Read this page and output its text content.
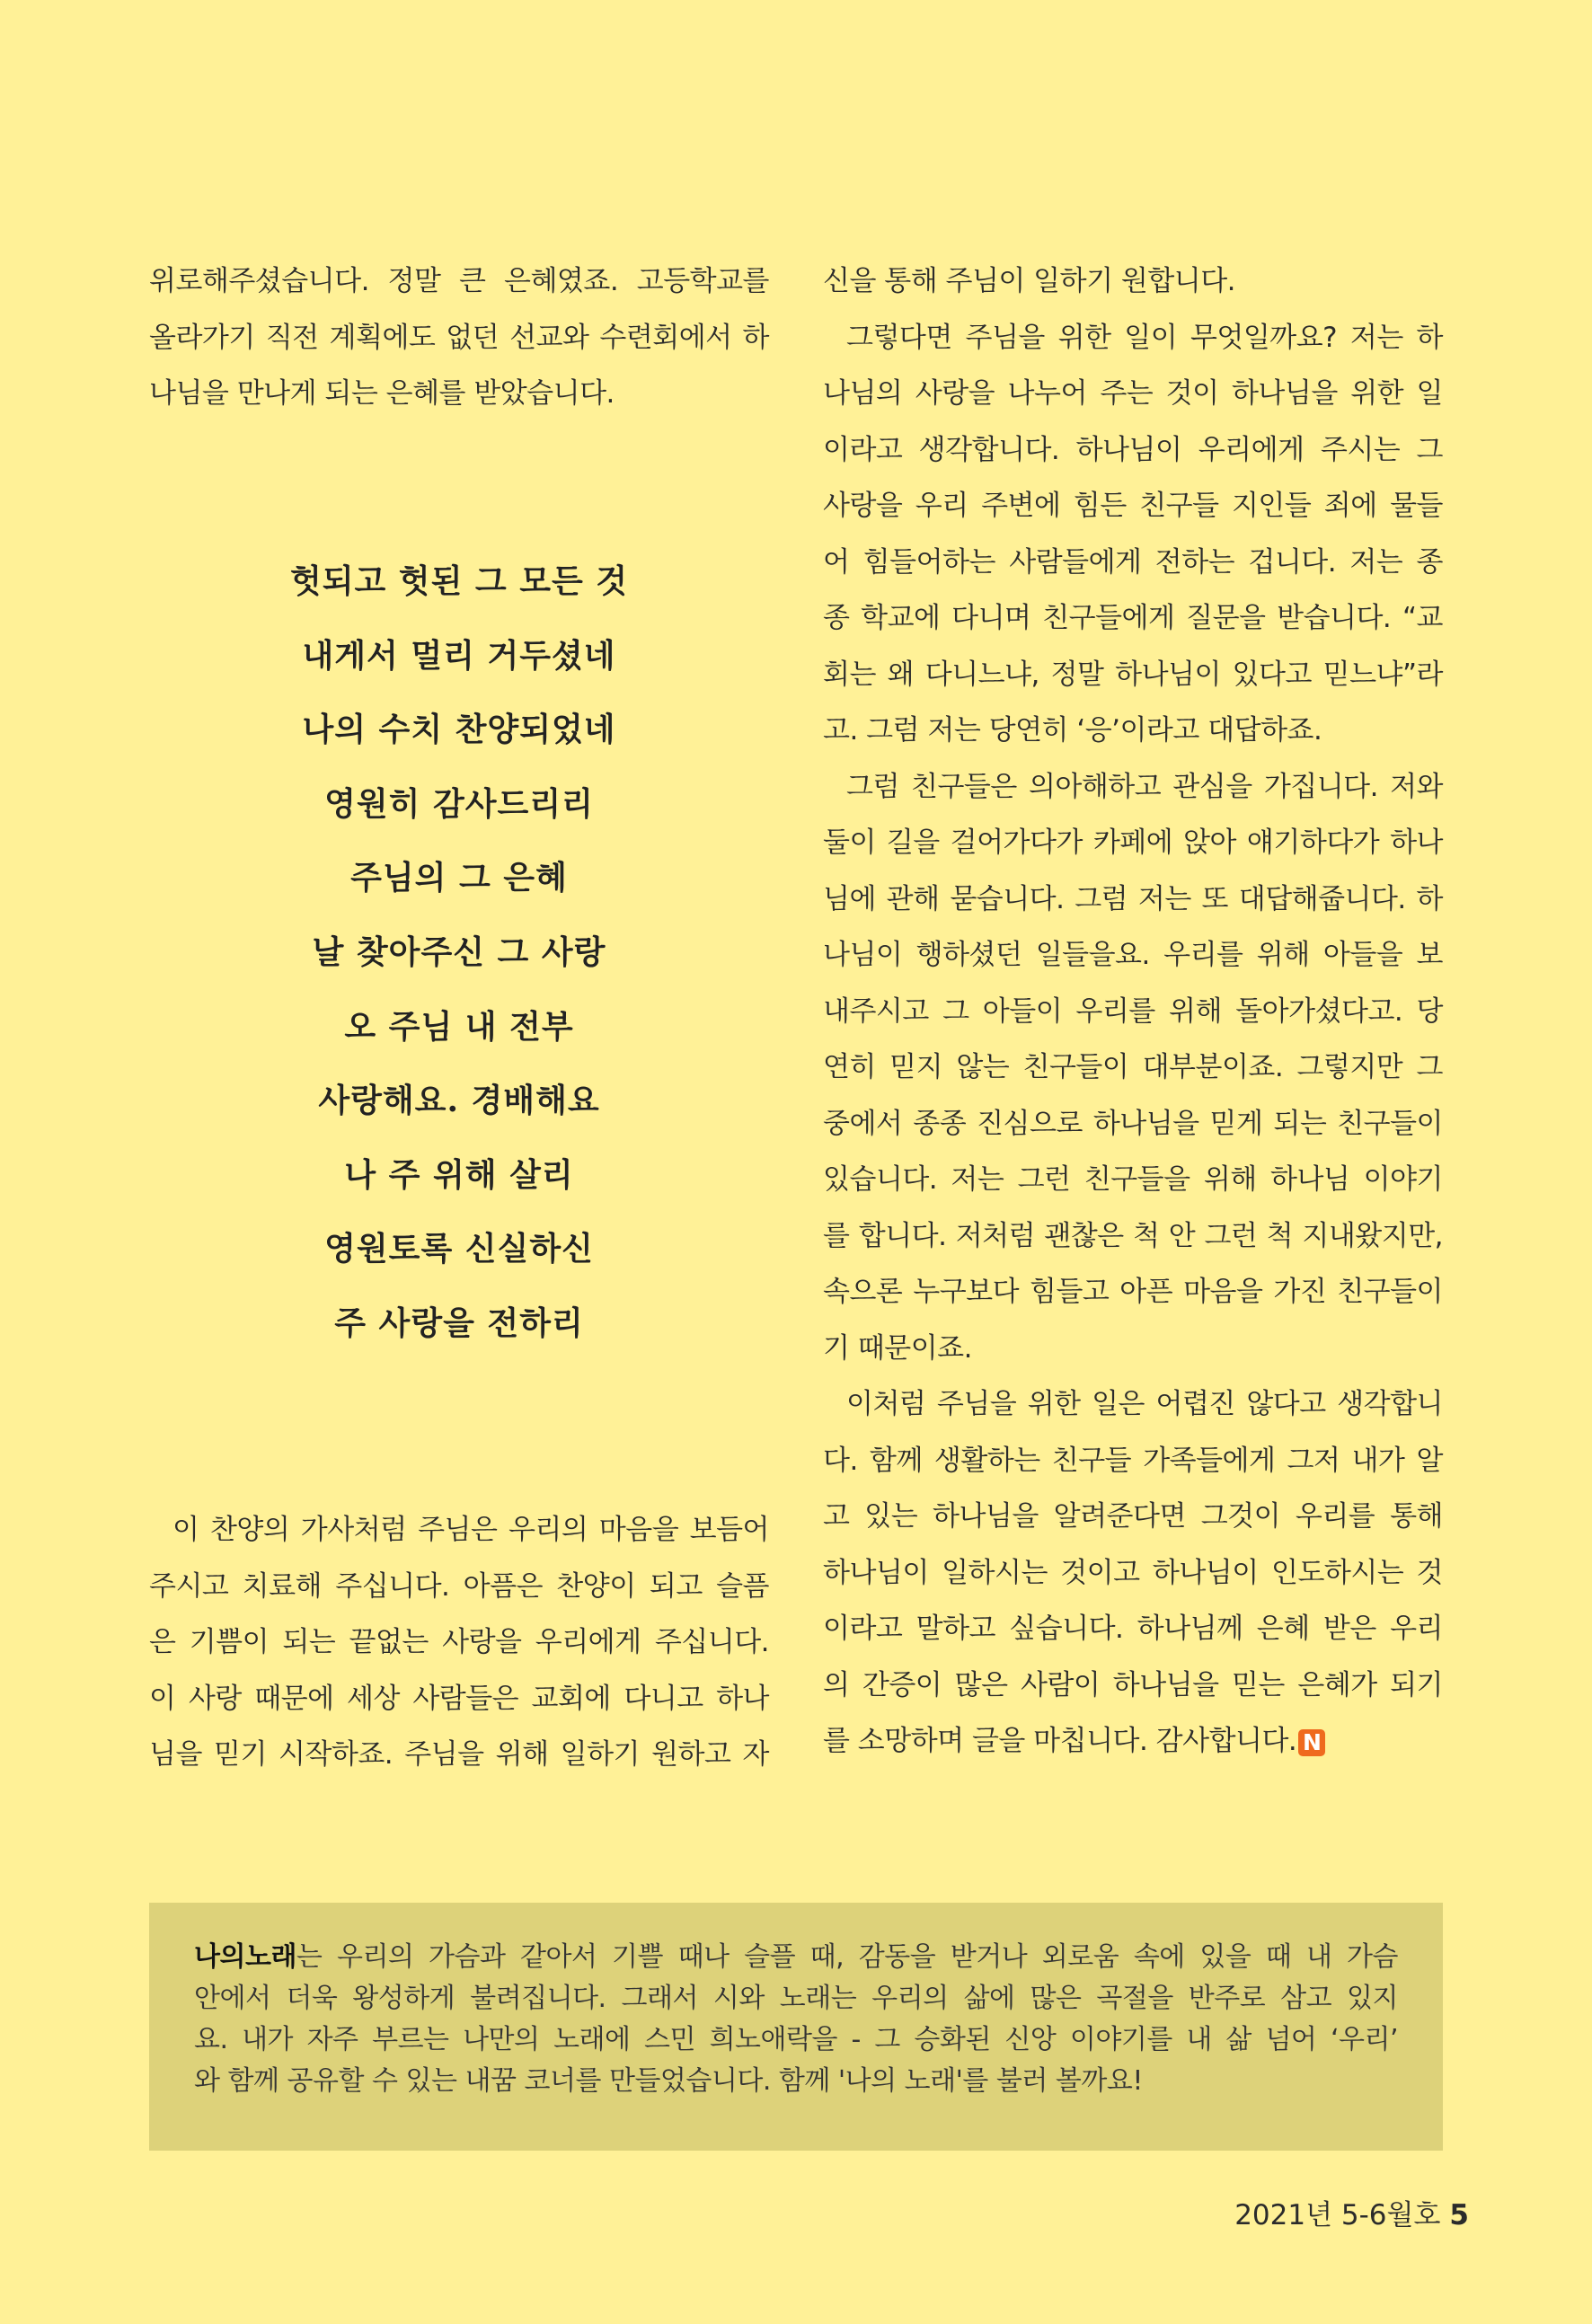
위로해주셨습니다. 정말 큰 은혜였죠. 고등학교를
올라가기 직전 계획에도 없던 선교와 수련회에서 하
나님을 만나게 되는 은혜를 받았습니다.
헛되고 헛된 그 모든 것
내게서 멀리 거두셨네
나의 수치 찬양되었네
영원히 감사드리리
주님의 그 은혜
날 찾아주신 그 사랑
오 주님 내 전부
사랑해요. 경배해요
나 주 위해 살리
영원토록 신실하신
주 사랑을 전하리
이 찬양의 가사처럼 주님은 우리의 마음을 보듬어
주시고 치료해 주십니다. 아픔은 찬양이 되고 슬픔
은 기쁨이 되는 끝없는 사랑을 우리에게 주십니다.
이 사랑 때문에 세상 사람들은 교회에 다니고 하나
님을 믿기 시작하죠. 주님을 위해 일하기 원하고 자
신을 통해 주님이 일하기 원합니다.
그렇다면 주님을 위한 일이 무엇일까요? 저는 하
나님의 사랑을 나누어 주는 것이 하나님을 위한 일
이라고 생각합니다. 하나님이 우리에게 주시는 그
사랑을 우리 주변에 힘든 친구들 지인들 죄에 물들
어 힘들어하는 사람들에게 전하는 겁니다. 저는 종
종 학교에 다니며 친구들에게 질문을 받습니다. “교
회는 왜 다니느냐, 정말 하나님이 있다고 믿느냐”라
고. 그럼 저는 당연히 ‘응’이라고 대답하죠.
그럼 친구들은 의아해하고 관심을 가집니다. 저와
둘이 길을 걸어가다가 카페에 앉아 얘기하다가 하나
님에 관해 묻습니다. 그럼 저는 또 대답해줍니다. 하
나님이 행하셨던 일들을요. 우리를 위해 아들을 보
내주시고 그 아들이 우리를 위해 돌아가셨다고. 당
연히 믿지 않는 친구들이 대부분이죠. 그렇지만 그
중에서 종종 진심으로 하나님을 믿게 되는 친구들이
있습니다. 저는 그런 친구들을 위해 하나님 이야기
를 합니다. 저처럼 괜찮은 척 안 그런 척 지내왔지만,
속으론 누구보다 힘들고 아픈 마음을 가진 친구들이
기 때문이죠.
이처럼 주님을 위한 일은 어렵진 않다고 생각합니
다. 함께 생활하는 친구들 가족들에게 그저 내가 알
고 있는 하나님을 알려준다면 그것이 우리를 통해
하나님이 일하시는 것이고 하나님이 인도하시는 것
이라고 말하고 싶습니다. 하나님께 은혜 받은 우리
의 간증이 많은 사람이 하나님을 믿는 은혜가 되기
를 소망하며 글을 마칩니다. 감사합니다. N
나의노래는 우리의 가슴과 같아서 기쁠 때나 슬플 때, 감동을 받거나 외로움 속에 있을 때 내 가슴
안에서 더욱 왕성하게 불려집니다. 그래서 시와 노래는 우리의 삶에 많은 곡절을 반주로 삼고 있지
요. 내가 자주 부르는 나만의 노래에 스민 희노애락을 - 그 승화된 신앙 이야기를 내 삶 넘어 ‘우리’
와 함께 공유할 수 있는 내꿈 코너를 만들었습니다. 함께 '나의 노래'를 불러 볼까요!
2021년 5-6월호 5
